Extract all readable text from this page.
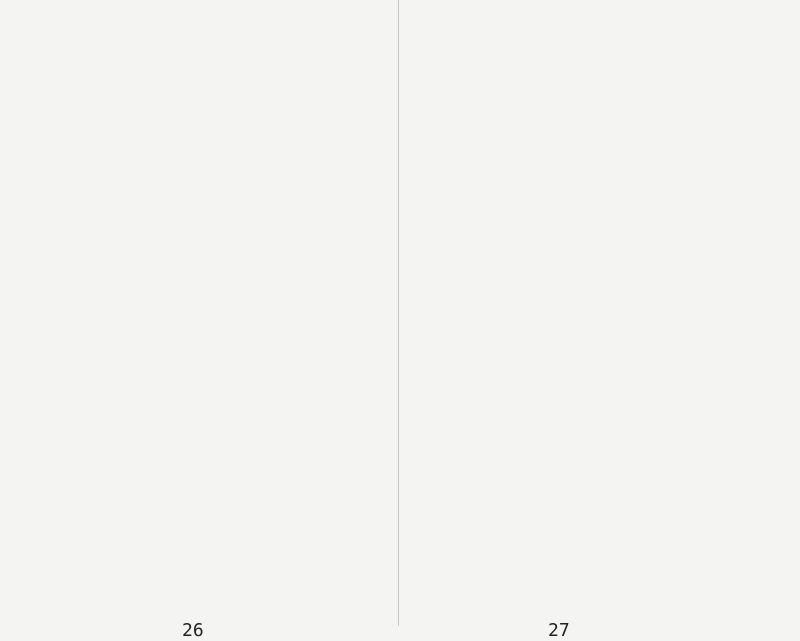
26	27
